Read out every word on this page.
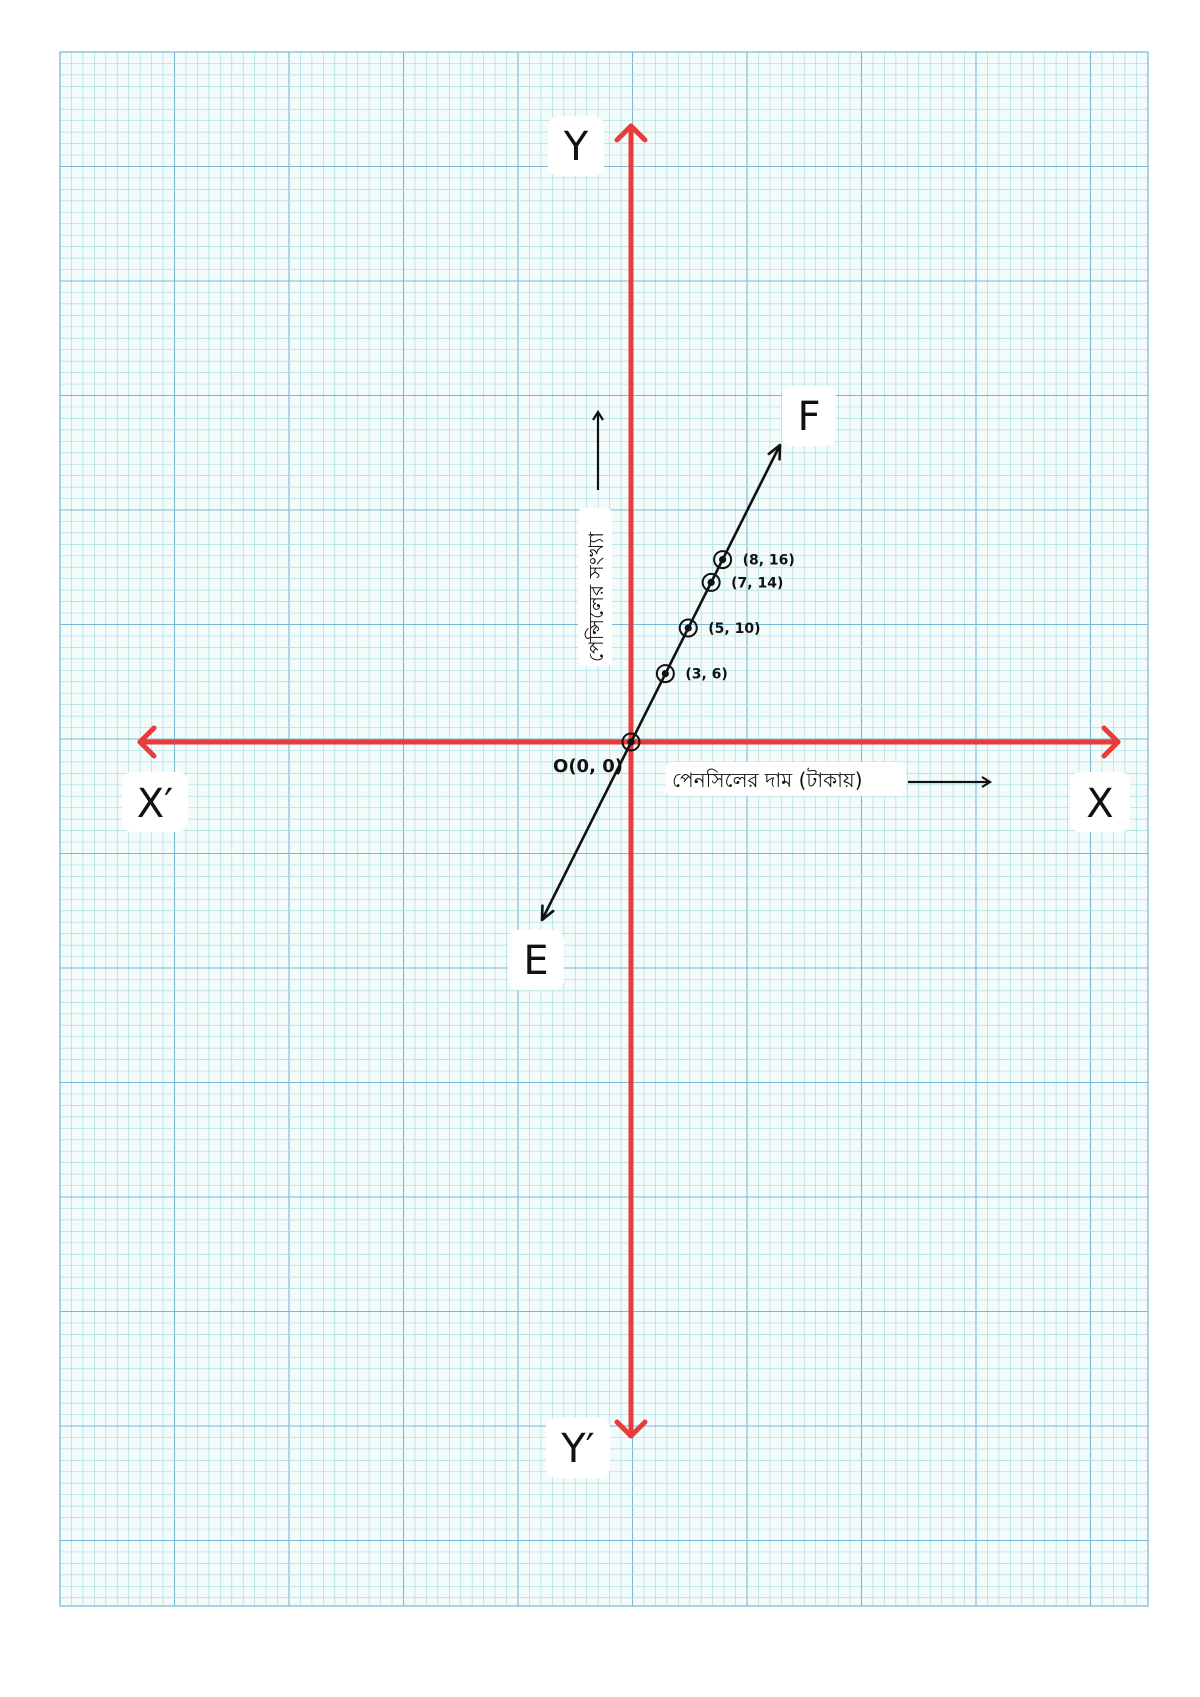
Y
Y′
X
X′
F
E
(3, 6)
(5, 10)
(7, 14)
(8, 16)
O(0, 0)
পেনসিলের দাম (টাকায়)
পেন্সিলের সংখ্যা
